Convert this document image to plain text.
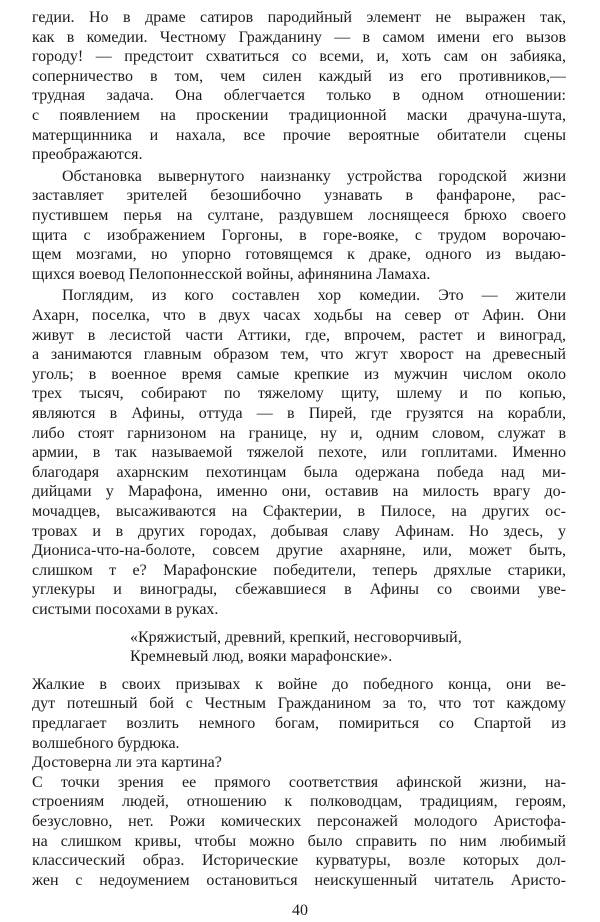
40
гедии. Но в драме сатиров пародийный элемент не выражен так,
как в комедии. Честному Гражданину — в самом имени его вызов
городу! — предстоит схватиться со всеми, и, хоть сам он забияка,
соперничество в том, чем силен каждый из его противников,—
трудная задача. Она облегчается только в одном отношении:
с появлением на проскении традиционной маски драчуна-шута,
матерщинника и нахала, все прочие вероятные обитатели сцены
преображаются.
Обстановка вывернутого наизнанку устройства городской жизни
заставляет зрителей безошибочно узнавать в фанфароне, рас-
пустившем перья на султане, раздувшем лоснящееся брюхо своего
щита с изображением Горгоны, в горе-вояке, с трудом ворочаю-
щем мозгами, но упорно готовящемся к драке, одного из выдаю-
щихся воевод Пелопоннесской войны, афинянина Ламаха.
Поглядим, из кого составлен хор комедии. Это — жители
Ахарн, поселка, что в двух часах ходьбы на север от Афин. Они
живут в лесистой части Аттики, где, впрочем, растет и виноград,
а занимаются главным образом тем, что жгут хворост на древесный
уголь; в военное время самые крепкие из мужчин числом около
трех тысяч, собирают по тяжелому щиту, шлему и по копью,
являются в Афины, оттуда — в Пирей, где грузятся на корабли,
либо стоят гарнизоном на границе, ну и, одним словом, служат в
армии, в так называемой тяжелой пехоте, или гоплитами. Именно
благодаря ахарнским пехотинцам была одержана победа над ми-
дийцами у Марафона, именно они, оставив на милость врагу до-
мочадцев, высаживаются на Сфактерии, в Пилосе, на других ос-
тровах и в других городах, добывая славу Афинам. Но здесь, у
Диониса-что-на-болоте, совсем другие ахарняне, или, может быть,
слишком т е? Марафонские победители, теперь дряхлые старики,
углекуры и винограды, сбежавшиеся в Афины со своими уве-
систыми посохами в руках.
«Кряжистый, древний, крепкий, несговорчивый,
Кремневый люд, вояки марафонские».
Жалкие в своих призывах к войне до победного конца, они ве-
дут потешный бой с Честным Гражданином за то, что тот каждому
предлагает возлить немного богам, помириться со Спартой из
волшебного бурдюка.
Достоверна ли эта картина?
С точки зрения ее прямого соответствия афинской жизни, на-
строениям людей, отношению к полководцам, традициям, героям,
безусловно, нет. Рожи комических персонажей молодого Аристофа-
на слишком кривы, чтобы можно было справить по ним любимый
классический образ. Исторические курватуры, возле которых дол-
жен с недоумением остановиться неискушенный читатель Аристо-
